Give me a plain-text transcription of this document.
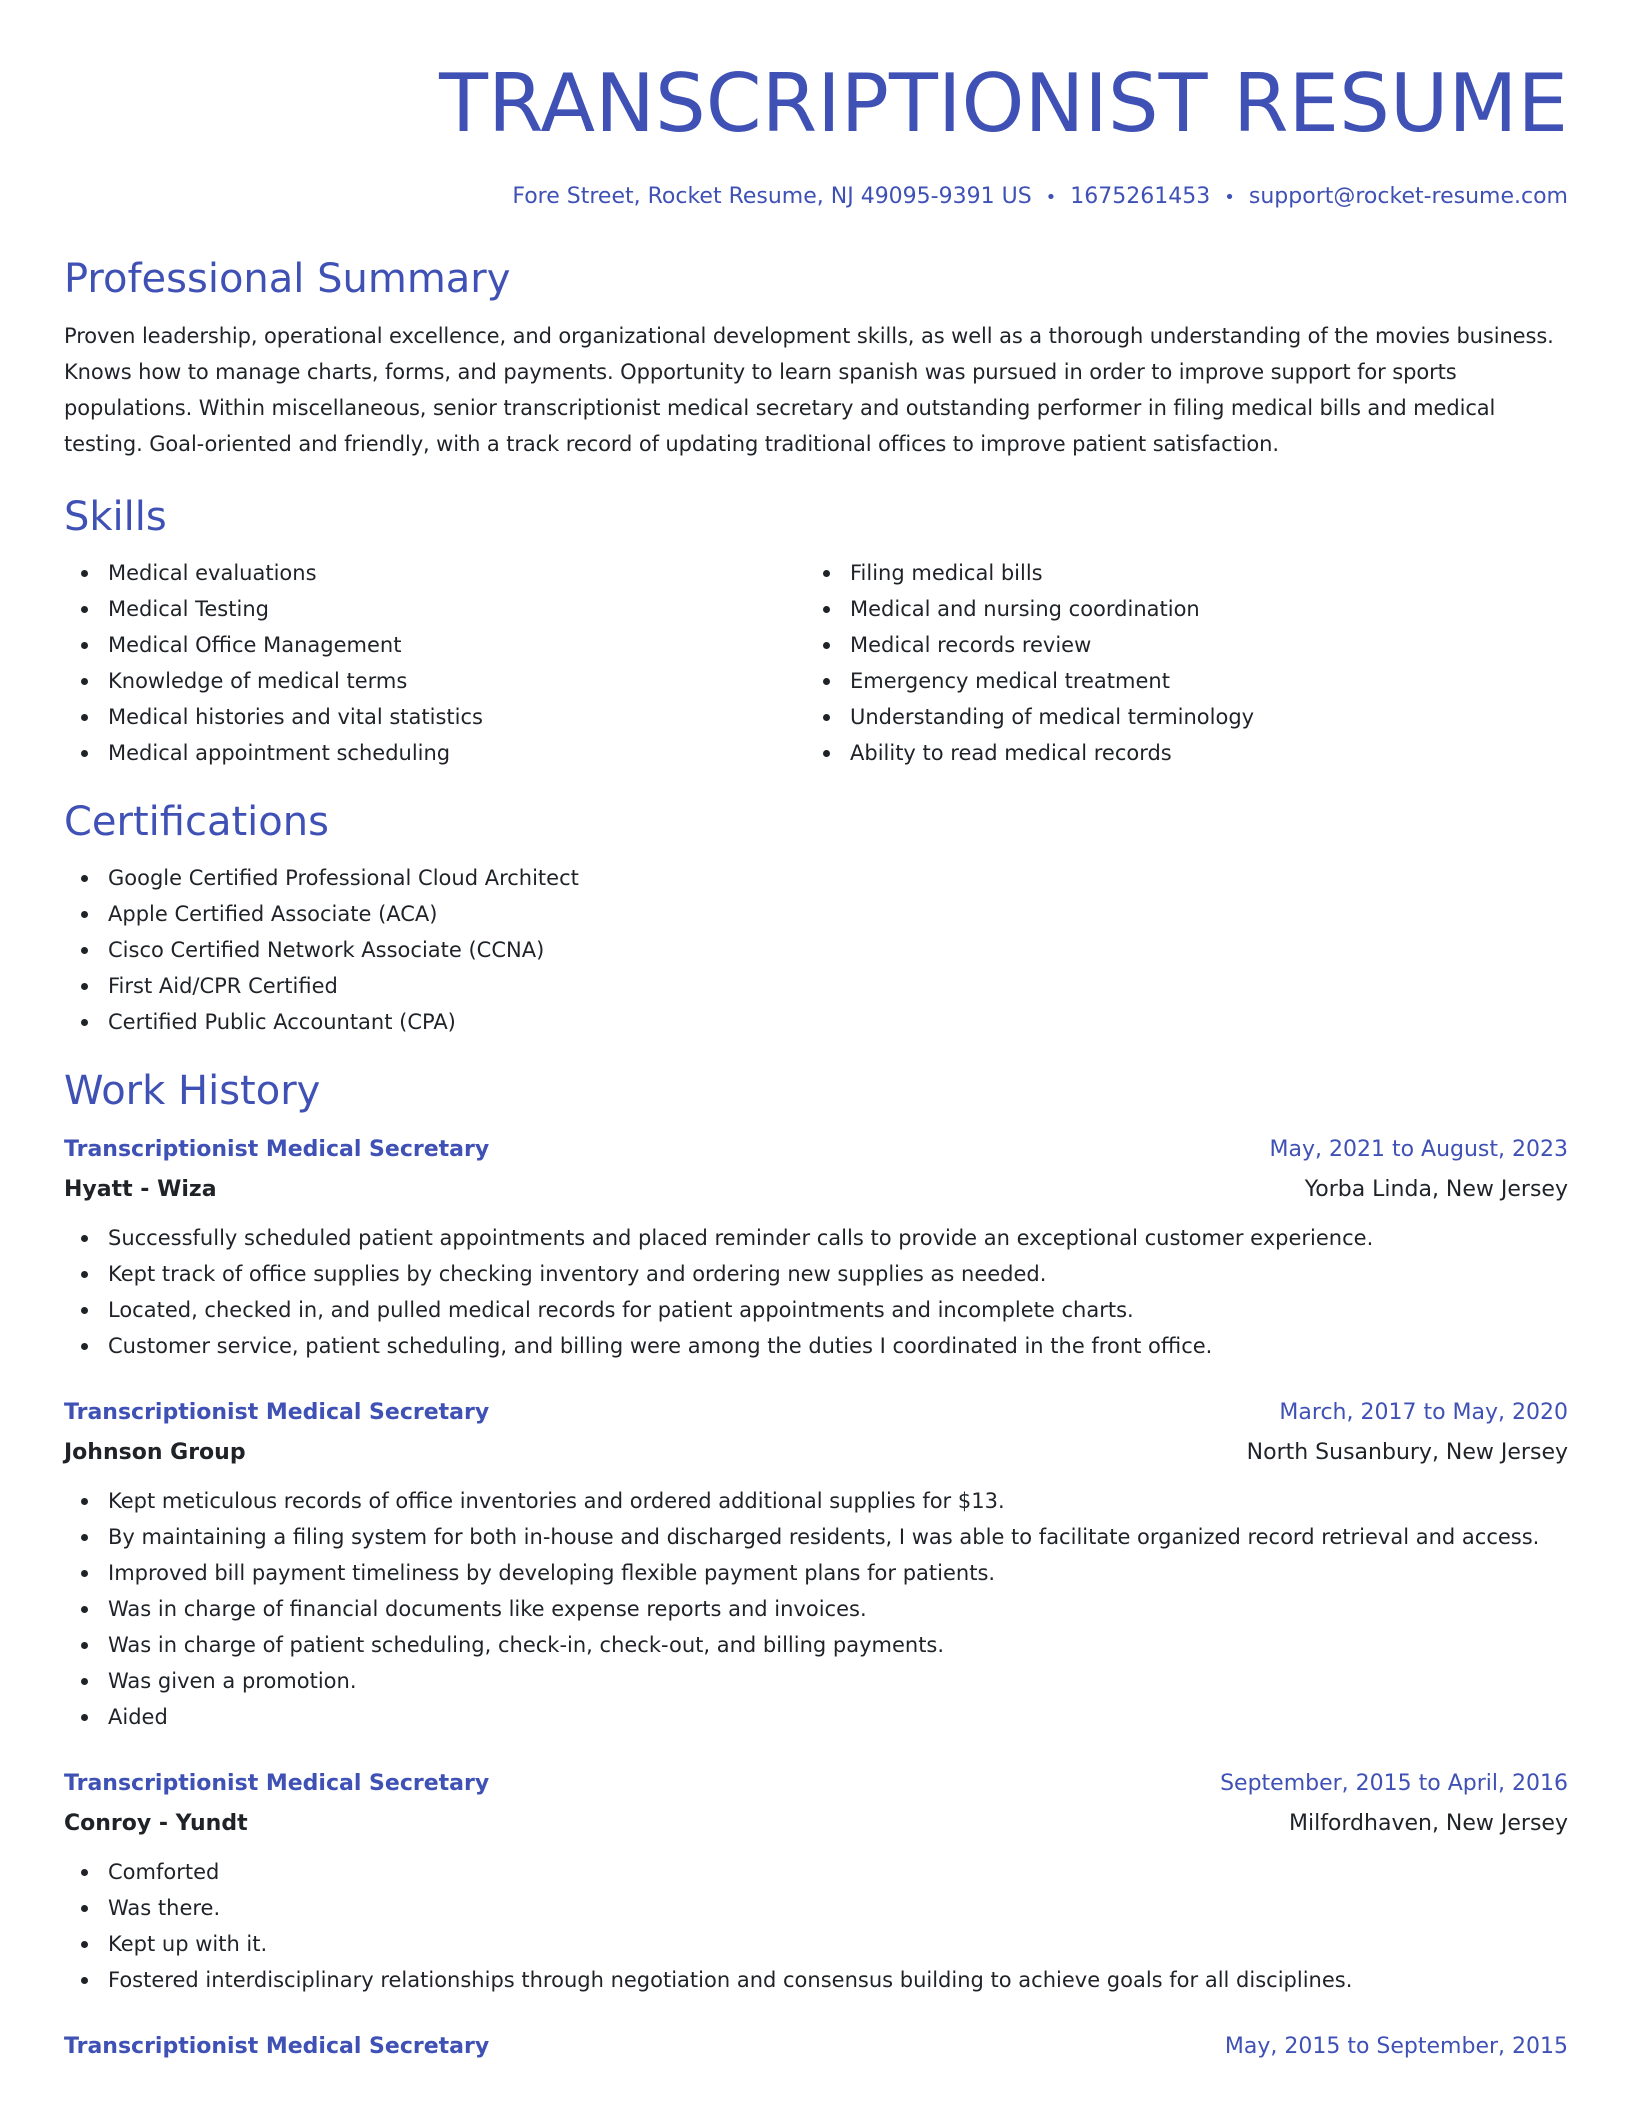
TRANSCRIPTIONIST RESUME
Fore Street, Rocket Resume, NJ 49095-9391 US • 1675261453 • support@rocket-resume.com
Professional Summary
Proven leadership, operational excellence, and organizational development skills, as well as a thorough understanding of the movies business. Knows how to manage charts, forms, and payments. Opportunity to learn spanish was pursued in order to improve support for sports populations. Within miscellaneous, senior transcriptionist medical secretary and outstanding performer in filing medical bills and medical testing. Goal-oriented and friendly, with a track record of updating traditional offices to improve patient satisfaction.
Skills
Medical evaluations
Medical Testing
Medical Office Management
Knowledge of medical terms
Medical histories and vital statistics
Medical appointment scheduling
Filing medical bills
Medical and nursing coordination
Medical records review
Emergency medical treatment
Understanding of medical terminology
Ability to read medical records
Certifications
Google Certified Professional Cloud Architect
Apple Certified Associate (ACA)
Cisco Certified Network Associate (CCNA)
First Aid/CPR Certified
Certified Public Accountant (CPA)
Work History
Transcriptionist Medical Secretary	May, 2021 to August, 2023
Hyatt - Wiza	Yorba Linda, New Jersey
Successfully scheduled patient appointments and placed reminder calls to provide an exceptional customer experience.
Kept track of office supplies by checking inventory and ordering new supplies as needed.
Located, checked in, and pulled medical records for patient appointments and incomplete charts.
Customer service, patient scheduling, and billing were among the duties I coordinated in the front office.
Transcriptionist Medical Secretary	March, 2017 to May, 2020
Johnson Group	North Susanbury, New Jersey
Kept meticulous records of office inventories and ordered additional supplies for $13.
By maintaining a filing system for both in-house and discharged residents, I was able to facilitate organized record retrieval and access.
Improved bill payment timeliness by developing flexible payment plans for patients.
Was in charge of financial documents like expense reports and invoices.
Was in charge of patient scheduling, check-in, check-out, and billing payments.
Was given a promotion.
Aided
Transcriptionist Medical Secretary	September, 2015 to April, 2016
Conroy - Yundt	Milfordhaven, New Jersey
Comforted
Was there.
Kept up with it.
Fostered interdisciplinary relationships through negotiation and consensus building to achieve goals for all disciplines.
Transcriptionist Medical Secretary	May, 2015 to September, 2015
